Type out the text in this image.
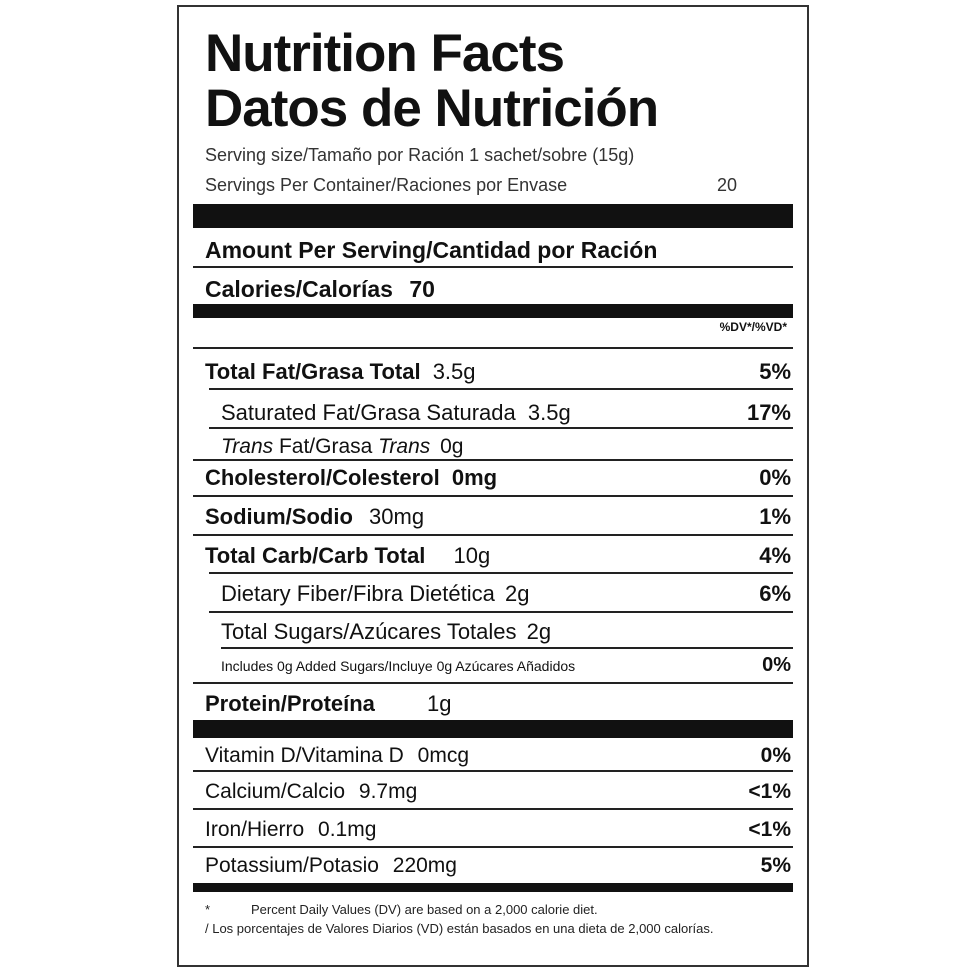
Nutrition Facts
Datos de Nutrición
Serving size/Tamaño por Ración 1 sachet/sobre (15g)
Servings Per Container/Raciones por Envase	20
Amount Per Serving/Cantidad por Ración
Calories/Calorías 70
%DV*/%VD*
Total Fat/Grasa Total 3.5g	5%
Saturated Fat/Grasa Saturada 3.5g	17%
Trans Fat/Grasa Trans 0g
Cholesterol/Colesterol 0mg	0%
Sodium/Sodio 30mg	1%
Total Carb/Carb Total 10g	4%
Dietary Fiber/Fibra Dietética 2g	6%
Total Sugars/Azúcares Totales 2g
Includes 0g Added Sugars/Incluye 0g Azúcares Añadidos	0%
Protein/Proteína 1g
Vitamin D/Vitamina D 0mcg	0%
Calcium/Calcio 9.7mg	<1%
Iron/Hierro 0.1mg	<1%
Potassium/Potasio 220mg	5%
*	Percent Daily Values (DV) are based on a 2,000 calorie diet.
/ Los porcentajes de Valores Diarios (VD) están basados en una dieta de 2,000 calorías.
